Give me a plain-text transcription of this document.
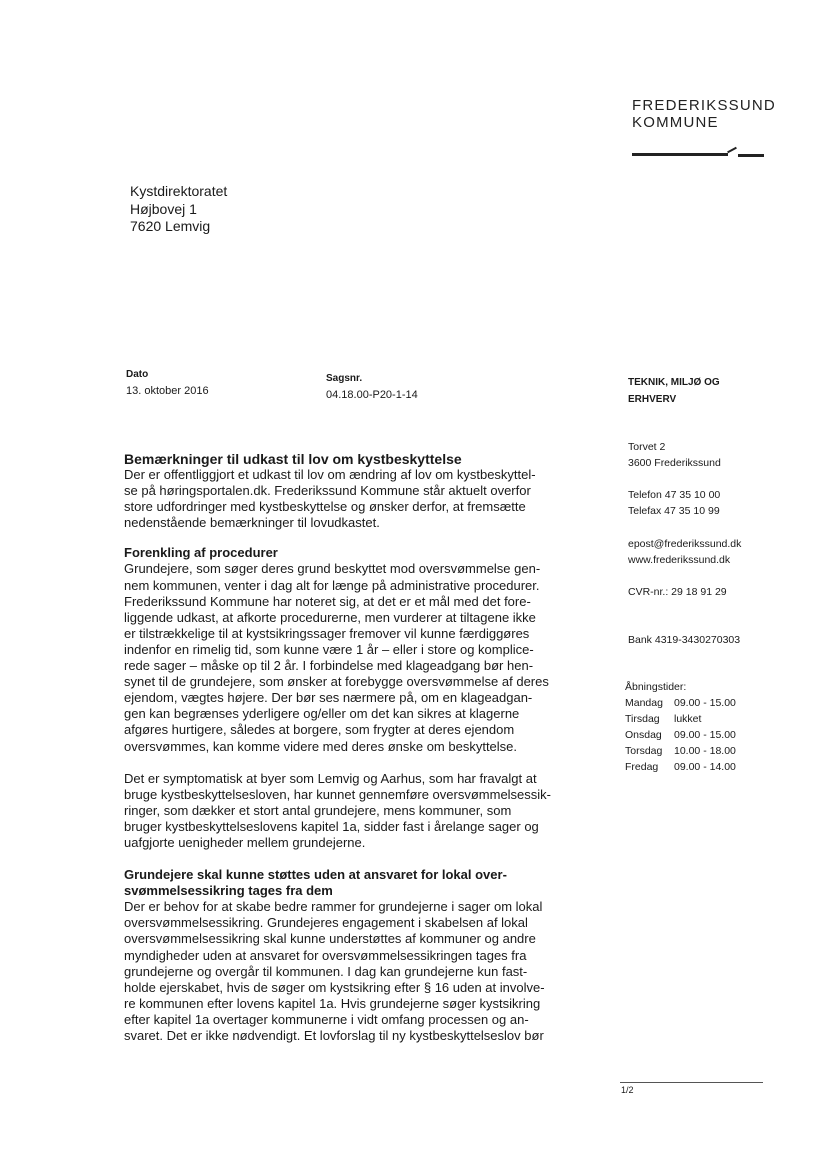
FREDERIKSSUND
KOMMUNE
Kystdirektoratet
Højbovej 1
7620 Lemvig
Dato
13. oktober 2016
Sagsnr.
04.18.00-P20-1-14
TEKNIK, MILJØ OG ERHVERV
Bemærkninger til udkast til lov om kystbeskyttelse
Der er offentliggjort et udkast til lov om ændring af lov om kystbeskyttel-
se på høringsportalen.dk. Frederikssund Kommune står aktuelt overfor
store udfordringer med kystbeskyttelse og ønsker derfor, at fremsætte
nedenstående bemærkninger til lovudkastet.
Forenkling af procedurer
Grundejere, som søger deres grund beskyttet mod oversvømmelse gen-
nem kommunen, venter i dag alt for længe på administrative procedurer.
Frederikssund Kommune har noteret sig, at det er et mål med det fore-
liggende udkast, at afkorte procedurerne, men vurderer at tiltagene ikke
er tilstrækkelige til at kystsikringssager fremover vil kunne færdiggøres
indenfor en rimelig tid, som kunne være 1 år – eller i store og komplice-
rede sager – måske op til 2 år. I forbindelse med klageadgang bør hen-
synet til de grundejere, som ønsker at forebygge oversvømmelse af deres
ejendom, vægtes højere. Der bør ses nærmere på, om en klageadgan-
gen kan begrænses yderligere og/eller om det kan sikres at klagerne
afgøres hurtigere, således at borgere, som frygter at deres ejendom
oversvømmes, kan komme videre med deres ønske om beskyttelse.
Det er symptomatisk at byer som Lemvig og Aarhus, som har fravalgt at
bruge kystbeskyttelsesloven, har kunnet gennemføre oversvømmelsessik-
ringer, som dækker et stort antal grundejere, mens kommuner, som
bruger kystbeskyttelseslovens kapitel 1a, sidder fast i årelange sager og
uafgjorte uenigheder mellem grundejerne.
Grundejere skal kunne støttes uden at ansvaret for lokal over-
svømmelsessikring tages fra dem
Der er behov for at skabe bedre rammer for grundejerne i sager om lokal
oversvømmelsessikring. Grundejeres engagement i skabelsen af lokal
oversvømmelsessikring skal kunne understøttes af kommuner og andre
myndigheder uden at ansvaret for oversvømmelsessikringen tages fra
grundejerne og overgår til kommunen. I dag kan grundejerne kun fast-
holde ejerskabet, hvis de søger om kystsikring efter § 16 uden at involve-
re kommunen efter lovens kapitel 1a. Hvis grundejerne søger kystsikring
efter kapitel 1a overtager kommunerne i vidt omfang processen og an-
svaret. Det er ikke nødvendigt. Et lovforslag til ny kystbeskyttelseslov bør
Torvet 2
3600 Frederikssund
Telefon 47 35 10 00
Telefax 47 35 10 99
epost@frederikssund.dk
www.frederikssund.dk
CVR-nr.: 29 18 91 29
Bank 4319-3430270303
Åbningstider:
Mandag	09.00 - 15.00
Tirsdag	lukket
Onsdag	09.00 - 15.00
Torsdag	10.00 - 18.00
Fredag	09.00 - 14.00
1/2
